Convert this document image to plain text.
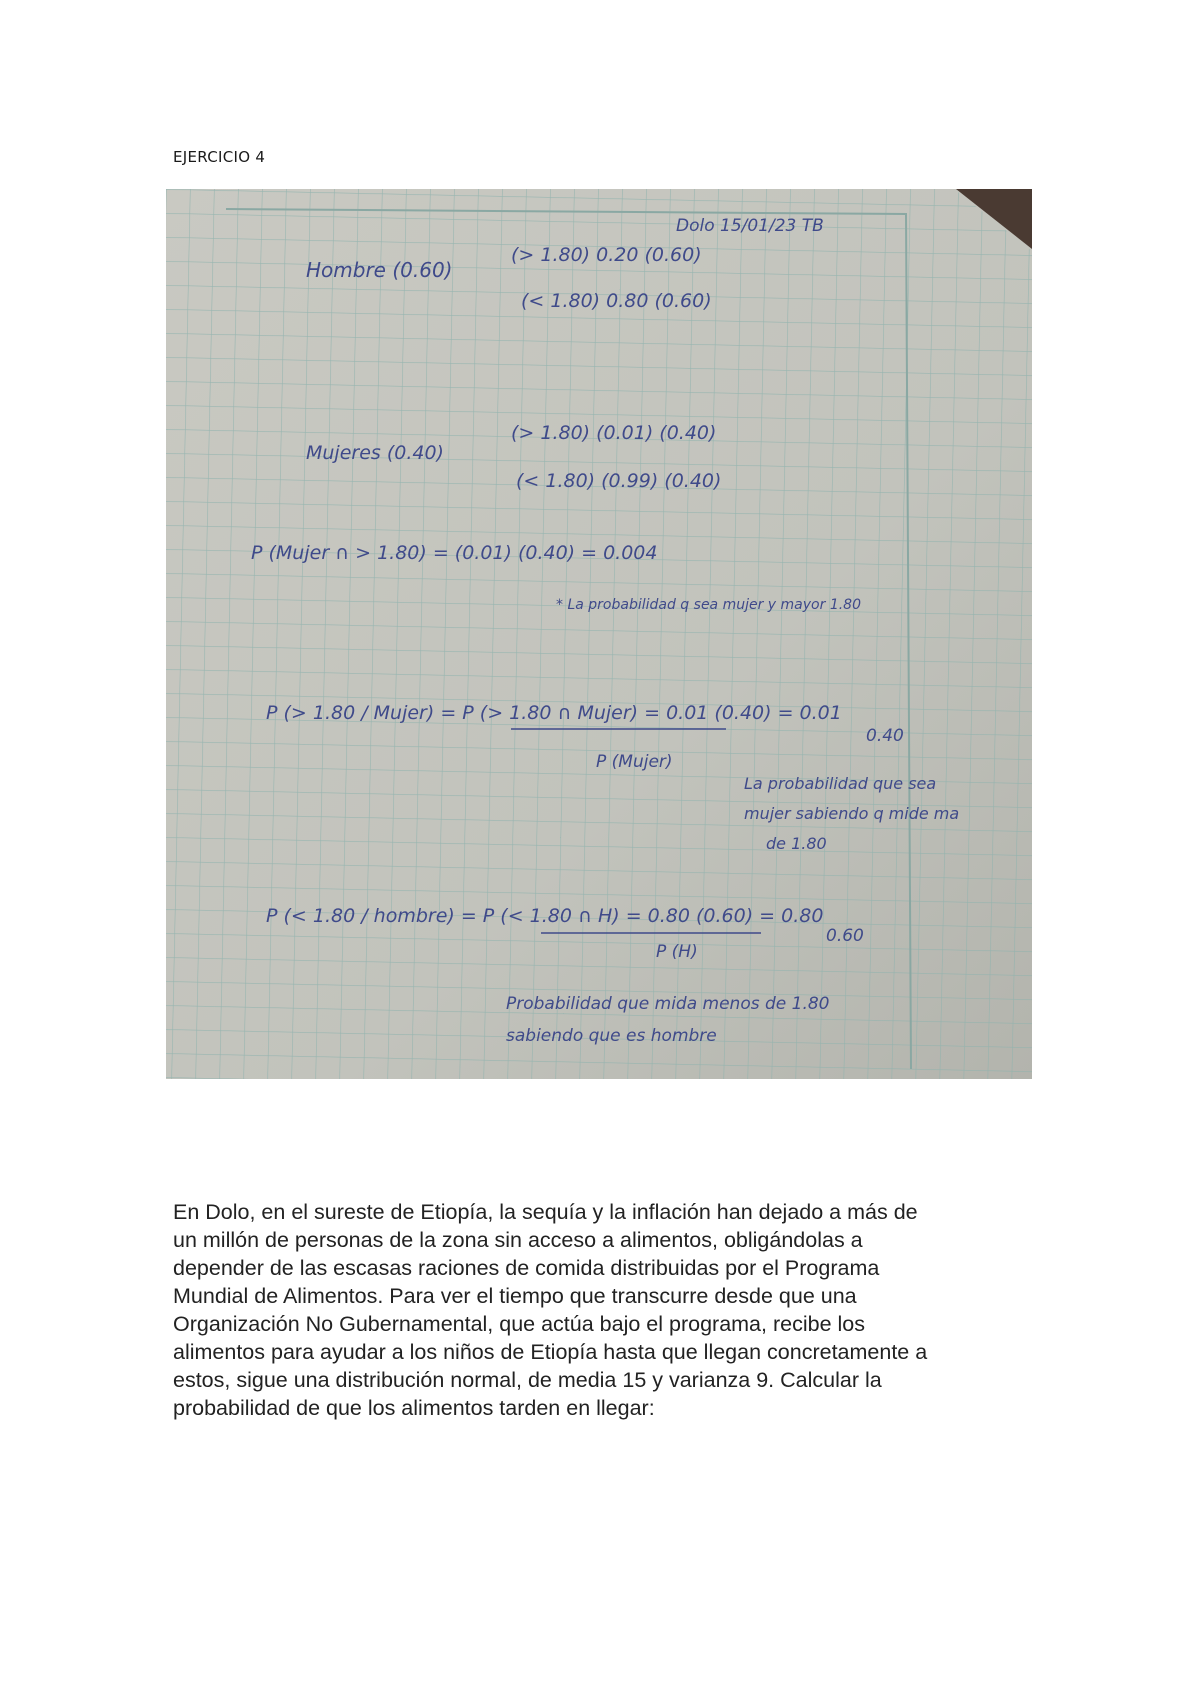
EJERCICIO 4
Dolo 15/01/23 TB
Hombre (0.60)
(> 1.80) 0.20 (0.60)
(< 1.80) 0.80 (0.60)
Mujeres (0.40)
(> 1.80) (0.01) (0.40)
(< 1.80) (0.99) (0.40)
P (Mujer ∩ > 1.80) = (0.01) (0.40) = 0.004
* La probabilidad q sea mujer y mayor 1.80
P (> 1.80 / Mujer) = P (> 1.80 ∩ Mujer) = 0.01 (0.40) = 0.01
P (Mujer)
0.40
La probabilidad que sea
mujer sabiendo q mide ma
de 1.80
P (< 1.80 / hombre) = P (< 1.80 ∩ H) = 0.80 (0.60) = 0.80
P (H)
0.60
Probabilidad que mida menos de 1.80
sabiendo que es hombre
En Dolo, en el sureste de Etiopía, la sequía y la inflación han dejado a más de
un millón de personas de la zona sin acceso a alimentos, obligándolas a
depender de las escasas raciones de comida distribuidas por el Programa
Mundial de Alimentos. Para ver el tiempo que transcurre desde que una
Organización No Gubernamental, que actúa bajo el programa, recibe los
alimentos para ayudar a los niños de Etiopía hasta que llegan concretamente a
estos, sigue una distribución normal, de media 15 y varianza 9. Calcular la
probabilidad de que los alimentos tarden en llegar:
